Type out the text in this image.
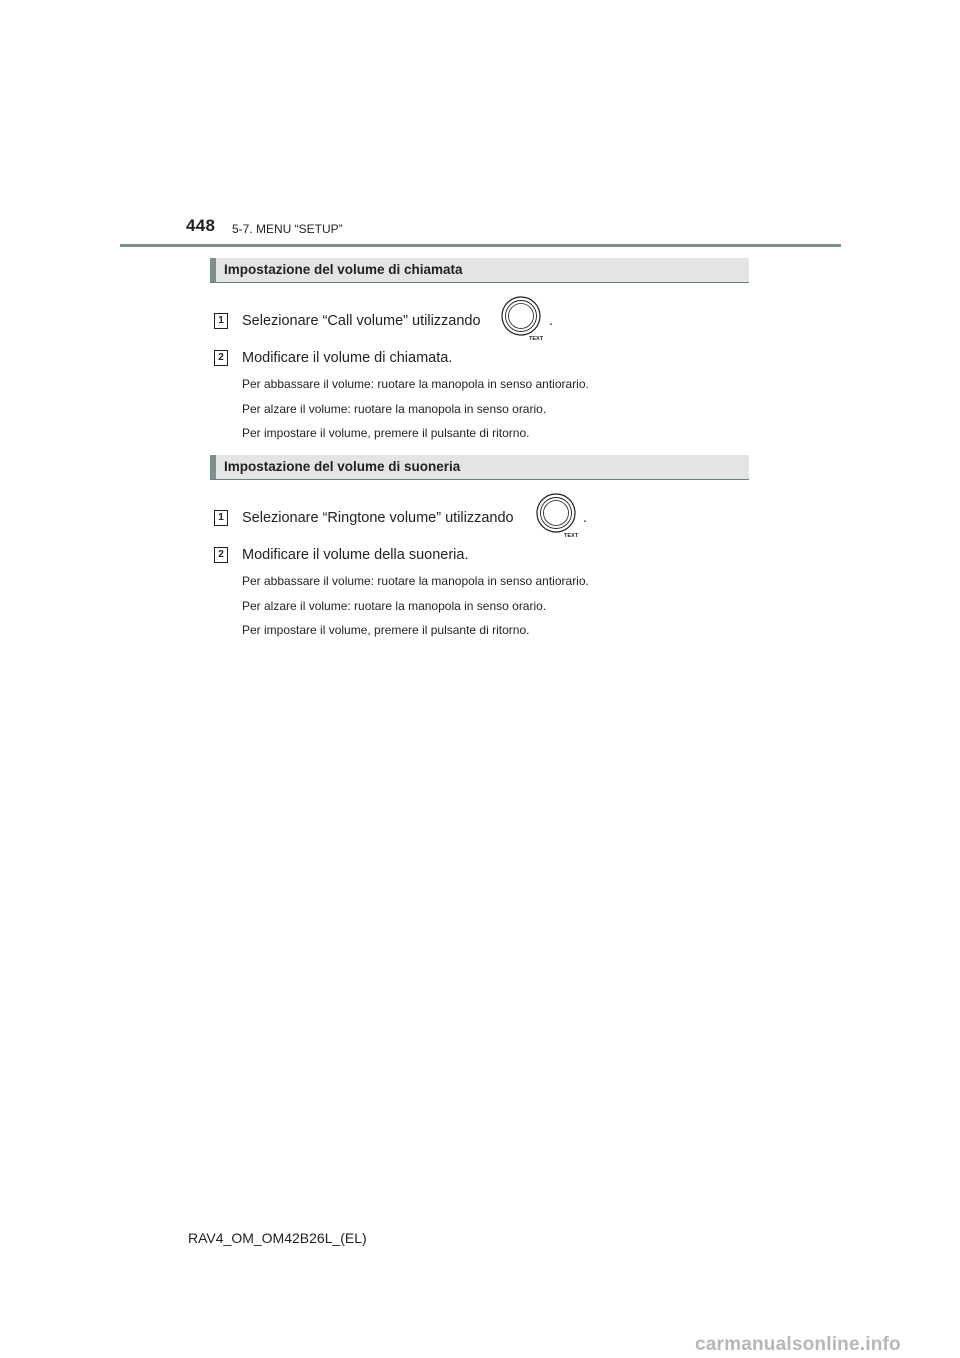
448 5-7. MENU “SETUP”
Impostazione del volume di chiamata
1 Selezionare “Call volume” utilizzando
TEXT
.
2 Modificare il volume di chiamata.
Per abbassare il volume: ruotare la manopola in senso antiorario.
Per alzare il volume: ruotare la manopola in senso orario.
Per impostare il volume, premere il pulsante di ritorno.
Impostazione del volume di suoneria
1 Selezionare “Ringtone volume” utilizzando
TEXT
.
2 Modificare il volume della suoneria.
Per abbassare il volume: ruotare la manopola in senso antiorario.
Per alzare il volume: ruotare la manopola in senso orario.
Per impostare il volume, premere il pulsante di ritorno.
RAV4_OM_OM42B26L_(EL)
carmanualsonline.info
